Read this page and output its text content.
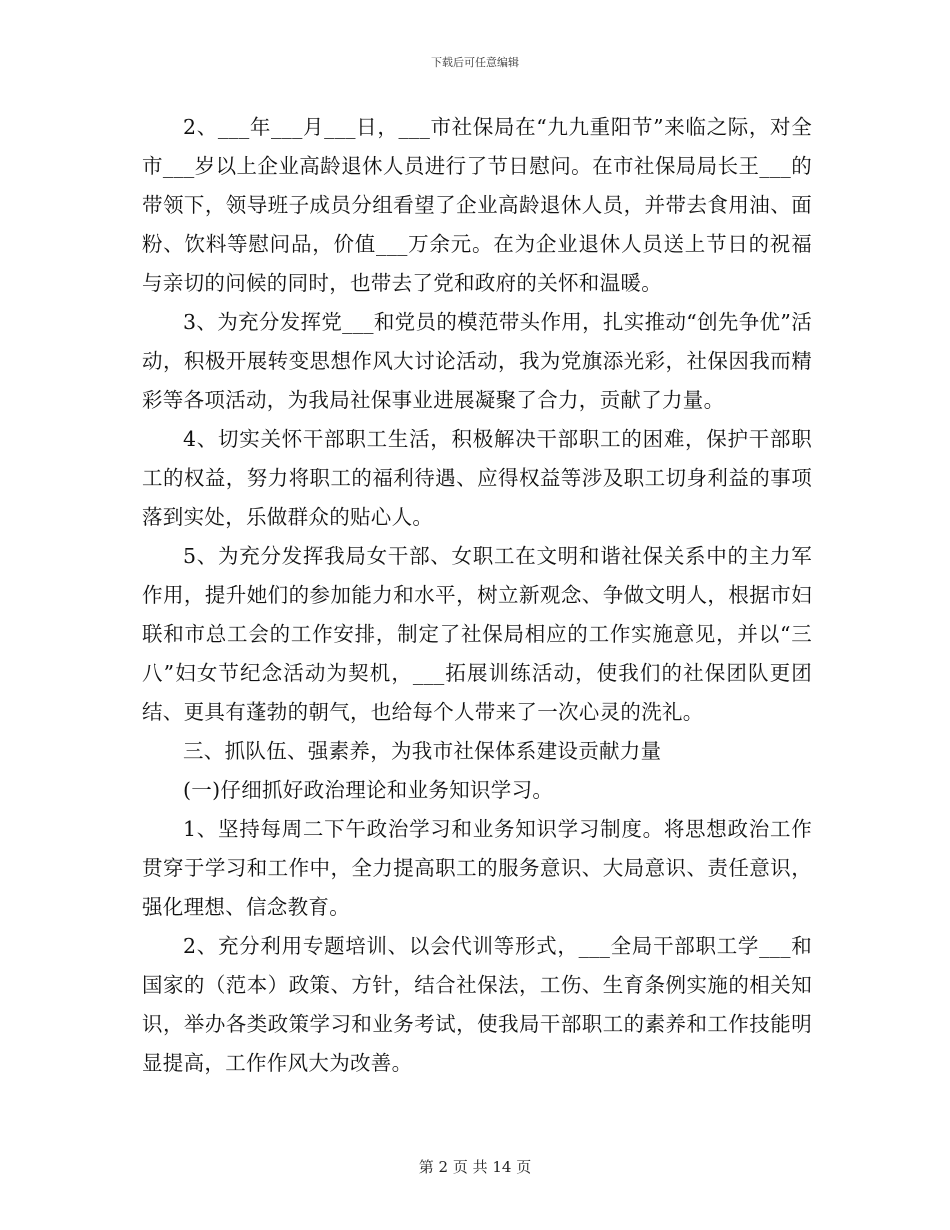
下载后可任意编辑

2、___年___月___日，___市社保局在“九九重阳节”来临之际，对全市___岁以上企业高龄退休人员进行了节日慰问。在市社保局局长王___的带领下，领导班子成员分组看望了企业高龄退休人员，并带去食用油、面粉、饮料等慰问品，价值___万余元。在为企业退休人员送上节日的祝福与亲切的问候的同时，也带去了党和政府的关怀和温暖。

3、为充分发挥党___和党员的模范带头作用，扎实推动“创先争优”活动，积极开展转变思想作风大讨论活动，我为党旗添光彩，社保因我而精彩等各项活动，为我局社保事业进展凝聚了合力，贡献了力量。

4、切实关怀干部职工生活，积极解决干部职工的困难，保护干部职工的权益，努力将职工的福利待遇、应得权益等涉及职工切身利益的事项落到实处，乐做群众的贴心人。

5、为充分发挥我局女干部、女职工在文明和谐社保关系中的主力军作用，提升她们的参加能力和水平，树立新观念、争做文明人，根据市妇联和市总工会的工作安排，制定了社保局相应的工作实施意见，并以“三八”妇女节纪念活动为契机，___拓展训练活动，使我们的社保团队更团结、更具有蓬勃的朝气，也给每个人带来了一次心灵的洗礼。

三、抓队伍、强素养，为我市社保体系建设贡献力量

(一)仔细抓好政治理论和业务知识学习。

1、坚持每周二下午政治学习和业务知识学习制度。将思想政治工作贯穿于学习和工作中，全力提高职工的服务意识、大局意识、责任意识，强化理想、信念教育。

2、充分利用专题培训、以会代训等形式，___全局干部职工学___和国家的（范本）政策、方针，结合社保法，工伤、生育条例实施的相关知识，举办各类政策学习和业务考试，使我局干部职工的素养和工作技能明显提高，工作作风大为改善。

第 2 页 共 14 页
